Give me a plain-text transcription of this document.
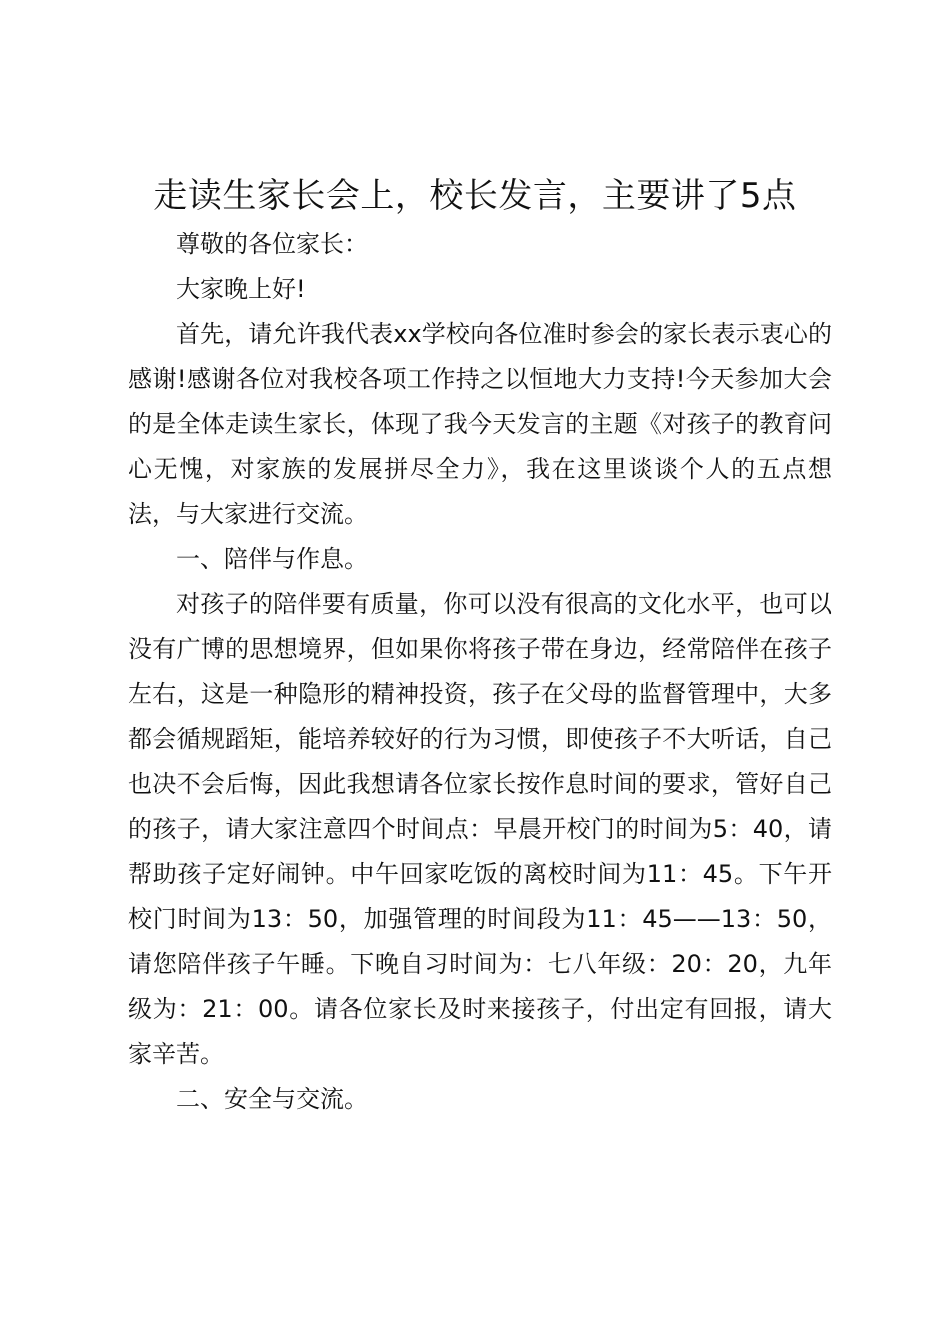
走读生家长会上，校长发言，主要讲了5点

尊敬的各位家长：

大家晚上好!

首先，请允许我代表xx学校向各位准时参会的家长表示衷心的感谢!感谢各位对我校各项工作持之以恒地大力支持!今天参加大会的是全体走读生家长，体现了我今天发言的主题《对孩子的教育问心无愧，对家族的发展拼尽全力》，我在这里谈谈个人的五点想法，与大家进行交流。

一、陪伴与作息。

对孩子的陪伴要有质量，你可以没有很高的文化水平，也可以没有广博的思想境界，但如果你将孩子带在身边，经常陪伴在孩子左右，这是一种隐形的精神投资，孩子在父母的监督管理中，大多都会循规蹈矩，能培养较好的行为习惯，即使孩子不大听话，自己也决不会后悔，因此我想请各位家长按作息时间的要求，管好自己的孩子，请大家注意四个时间点：早晨开校门的时间为5：40，请帮助孩子定好闹钟。中午回家吃饭的离校时间为11：45。下午开校门时间为13：50，加强管理的时间段为11：45——13：50，请您陪伴孩子午睡。下晚自习时间为：七八年级：20：20，九年级为：21：00。请各位家长及时来接孩子，付出定有回报，请大家辛苦。

二、安全与交流。
